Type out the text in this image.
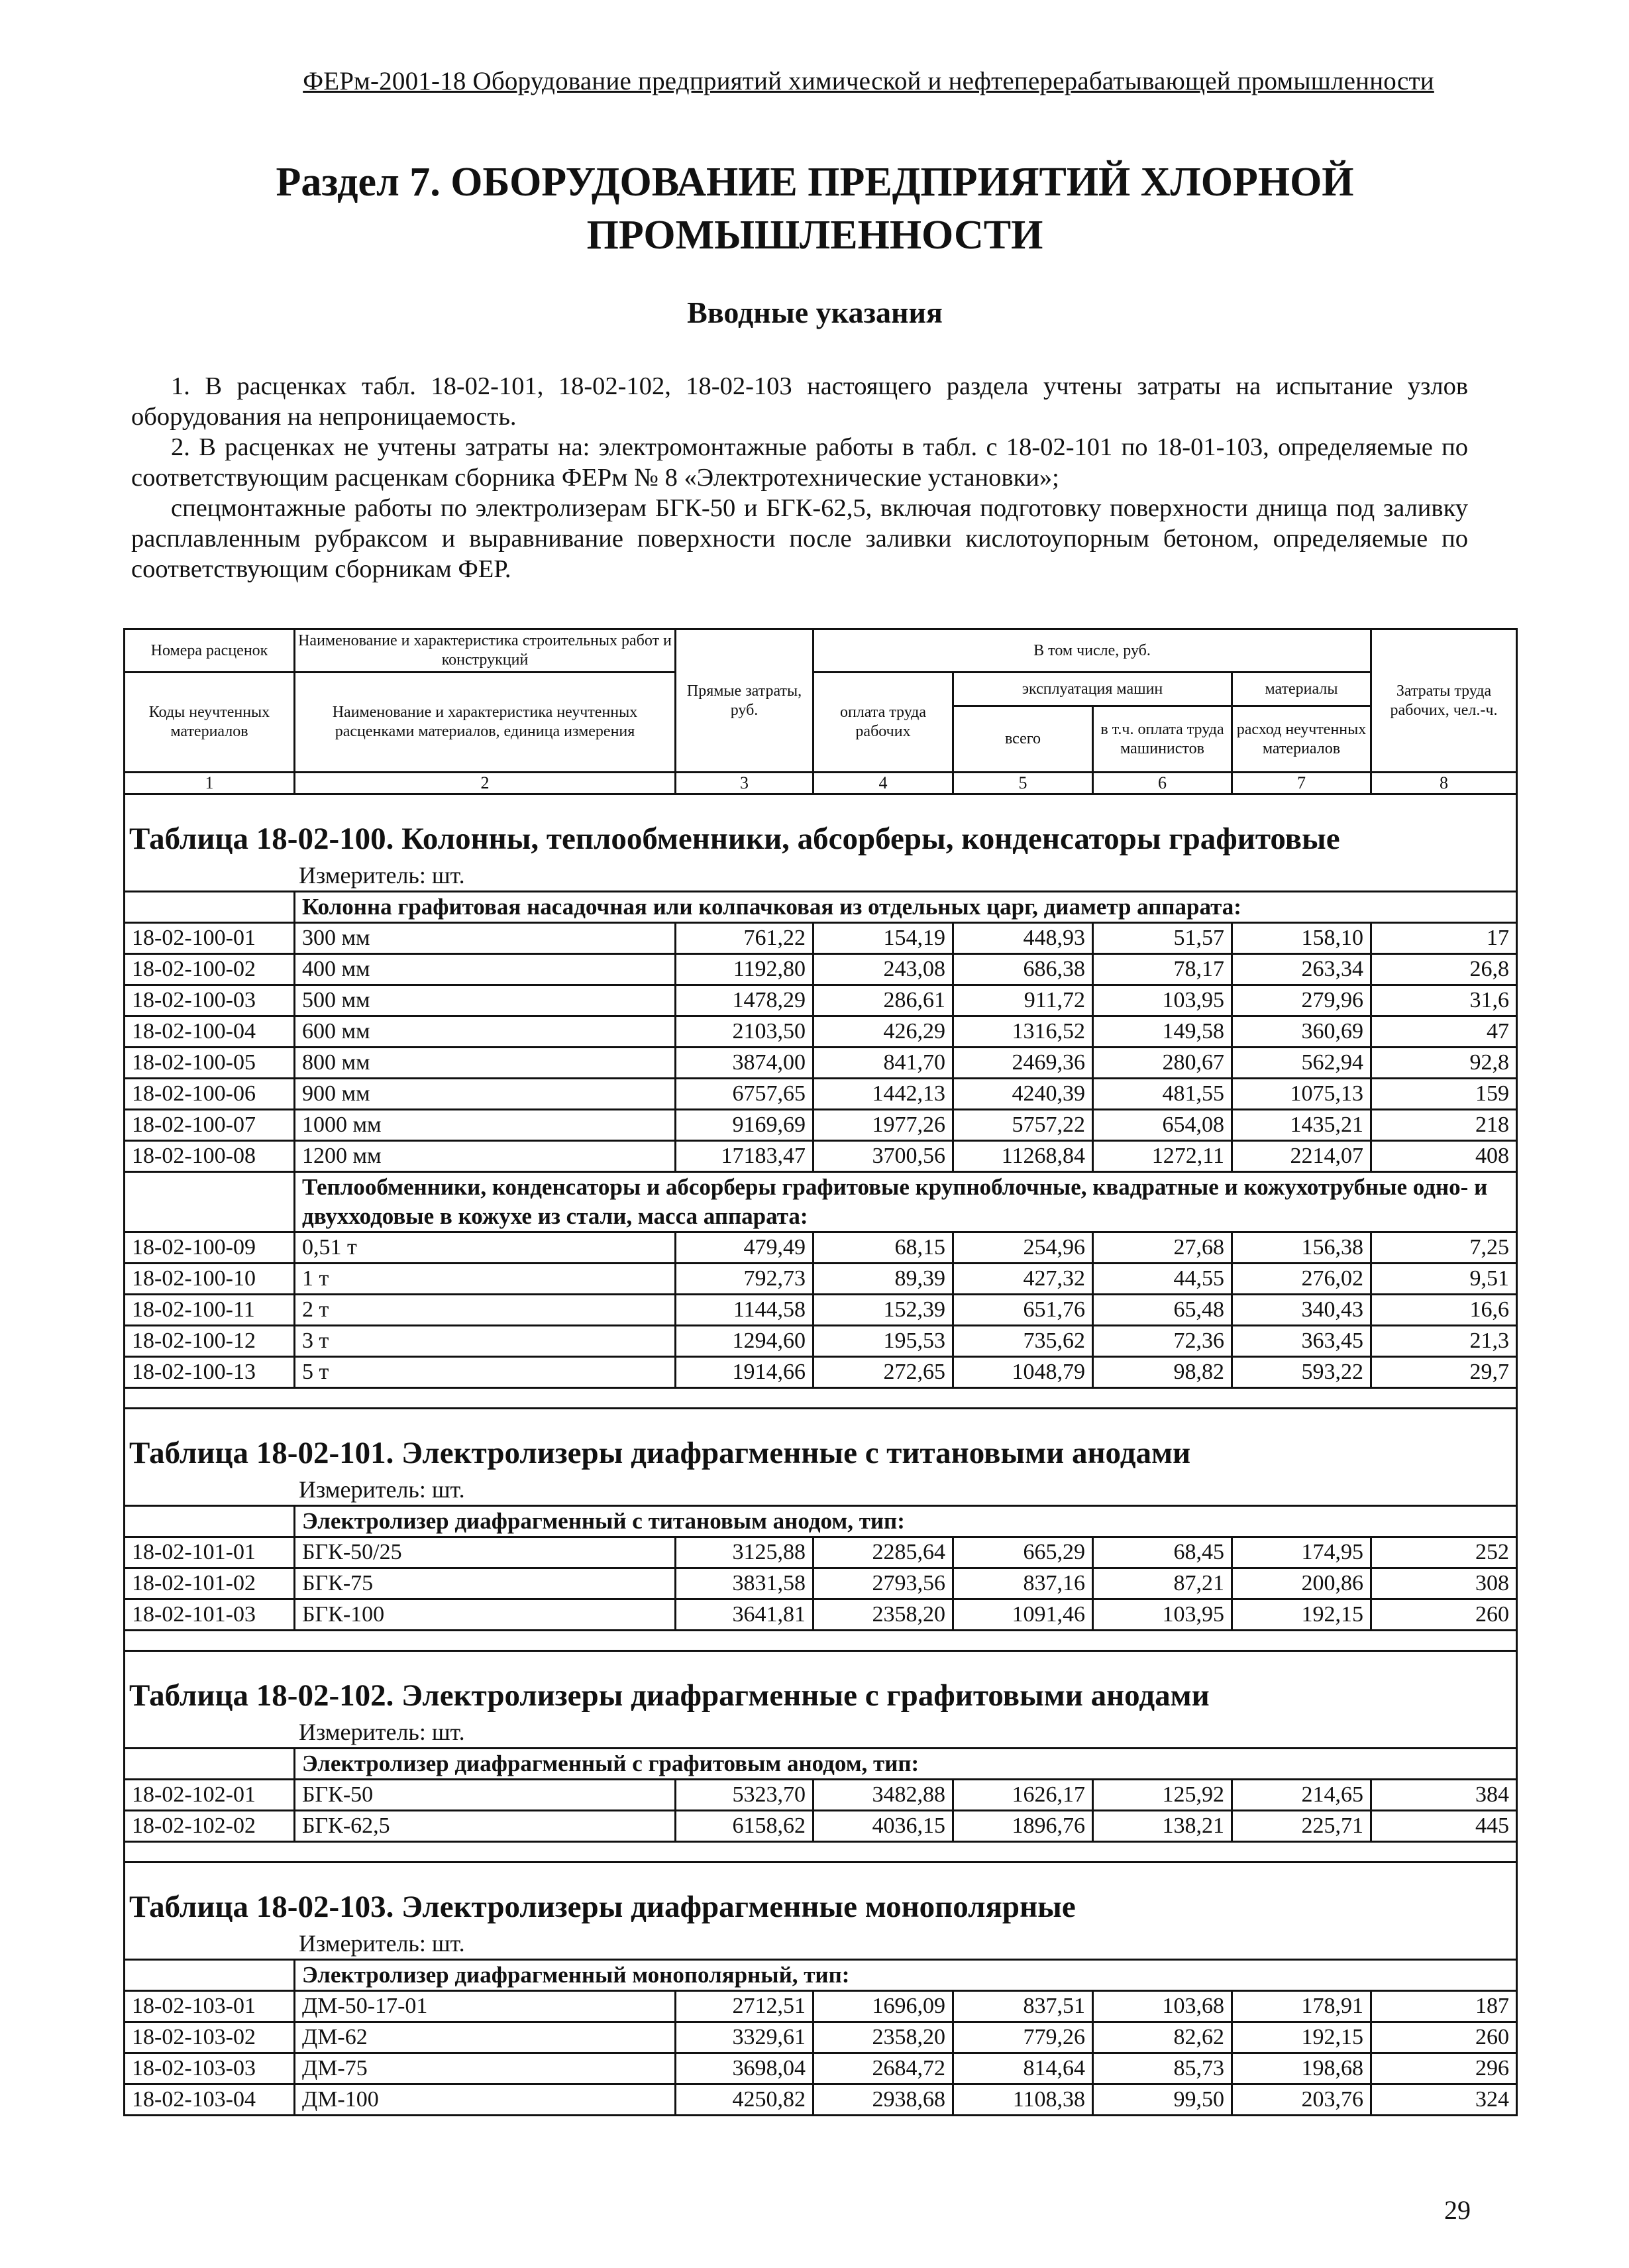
ФЕРм-2001-18 Оборудование предприятий химической и нефтеперерабатывающей промышленности
Раздел 7. ОБОРУДОВАНИЕ ПРЕДПРИЯТИЙ ХЛОРНОЙ
ПРОМЫШЛЕННОСТИ
Вводные указания

1. В расценках табл. 18-02-101, 18-02-102, 18-02-103 настоящего раздела учтены затраты на испытание узлов оборудования на непроницаемость.

2. В расценках не учтены затраты на: электромонтажные работы в табл. с 18-02-101 по 18-01-103, определяемые по соответствующим расценкам сборника ФЕРм № 8 «Электротехнические установки»;

спецмонтажные работы по электролизерам БГК-50 и БГК-62,5, включая подготовку поверхности днища под заливку расплавленным рубраксом и выравнивание поверхности после заливки кислотоупорным бетоном, определяемые по соответствующим сборникам ФЕР.

Номера расценок	Наименование и характеристика строительных работ и конструкций	Прямые затраты, руб.	В том числе, руб.				Затраты труда рабочих, чел.-ч.
Коды неучтенных материалов	Наименование и характеристика неучтенных расценками материалов, единица измерения		оплата труда рабочих	эксплуатация машин		материалы	
				всего	в т.ч. оплата труда машинистов	расход неучтенных материалов	
1	2	3	4	5	6	7	8
Таблица 18-02-100. Колонны, теплообменники, абсорберы, конденсаторы графитовые							
Измеритель: шт.							
	Колонна графитовая насадочная или колпачковая из отдельных царг, диаметр аппарата:						
18-02-100-01	300 мм	761,22	154,19	448,93	51,57	158,10	17
18-02-100-02	400 мм	1192,80	243,08	686,38	78,17	263,34	26,8
18-02-100-03	500 мм	1478,29	286,61	911,72	103,95	279,96	31,6
18-02-100-04	600 мм	2103,50	426,29	1316,52	149,58	360,69	47
18-02-100-05	800 мм	3874,00	841,70	2469,36	280,67	562,94	92,8
18-02-100-06	900 мм	6757,65	1442,13	4240,39	481,55	1075,13	159
18-02-100-07	1000 мм	9169,69	1977,26	5757,22	654,08	1435,21	218
18-02-100-08	1200 мм	17183,47	3700,56	11268,84	1272,11	2214,07	408
	Теплообменники, конденсаторы и абсорберы графитовые крупноблочные, квадратные и кожухотрубные одно- и двухходовые в кожухе из стали, масса аппарата:						
18-02-100-09	0,51 т	479,49	68,15	254,96	27,68	156,38	7,25
18-02-100-10	1 т	792,73	89,39	427,32	44,55	276,02	9,51
18-02-100-11	2 т	1144,58	152,39	651,76	65,48	340,43	16,6
18-02-100-12	3 т	1294,60	195,53	735,62	72,36	363,45	21,3
18-02-100-13	5 т	1914,66	272,65	1048,79	98,82	593,22	29,7

Таблица 18-02-101. Электролизеры диафрагменные с титановыми анодами							
Измеритель: шт.							
	Электролизер диафрагменный с титановым анодом, тип:						
18-02-101-01	БГК-50/25	3125,88	2285,64	665,29	68,45	174,95	252
18-02-101-02	БГК-75	3831,58	2793,56	837,16	87,21	200,86	308
18-02-101-03	БГК-100	3641,81	2358,20	1091,46	103,95	192,15	260

Таблица 18-02-102. Электролизеры диафрагменные с графитовыми анодами							
Измеритель: шт.							
	Электролизер диафрагменный с графитовым анодом, тип:						
18-02-102-01	БГК-50	5323,70	3482,88	1626,17	125,92	214,65	384
18-02-102-02	БГК-62,5	6158,62	4036,15	1896,76	138,21	225,71	445

Таблица 18-02-103. Электролизеры диафрагменные монополярные							
Измеритель: шт.							
	Электролизер диафрагменный монополярный, тип:						
18-02-103-01	ДМ-50-17-01	2712,51	1696,09	837,51	103,68	178,91	187
18-02-103-02	ДМ-62	3329,61	2358,20	779,26	82,62	192,15	260
18-02-103-03	ДМ-75	3698,04	2684,72	814,64	85,73	198,68	296
18-02-103-04	ДМ-100	4250,82	2938,68	1108,38	99,50	203,76	324
29
